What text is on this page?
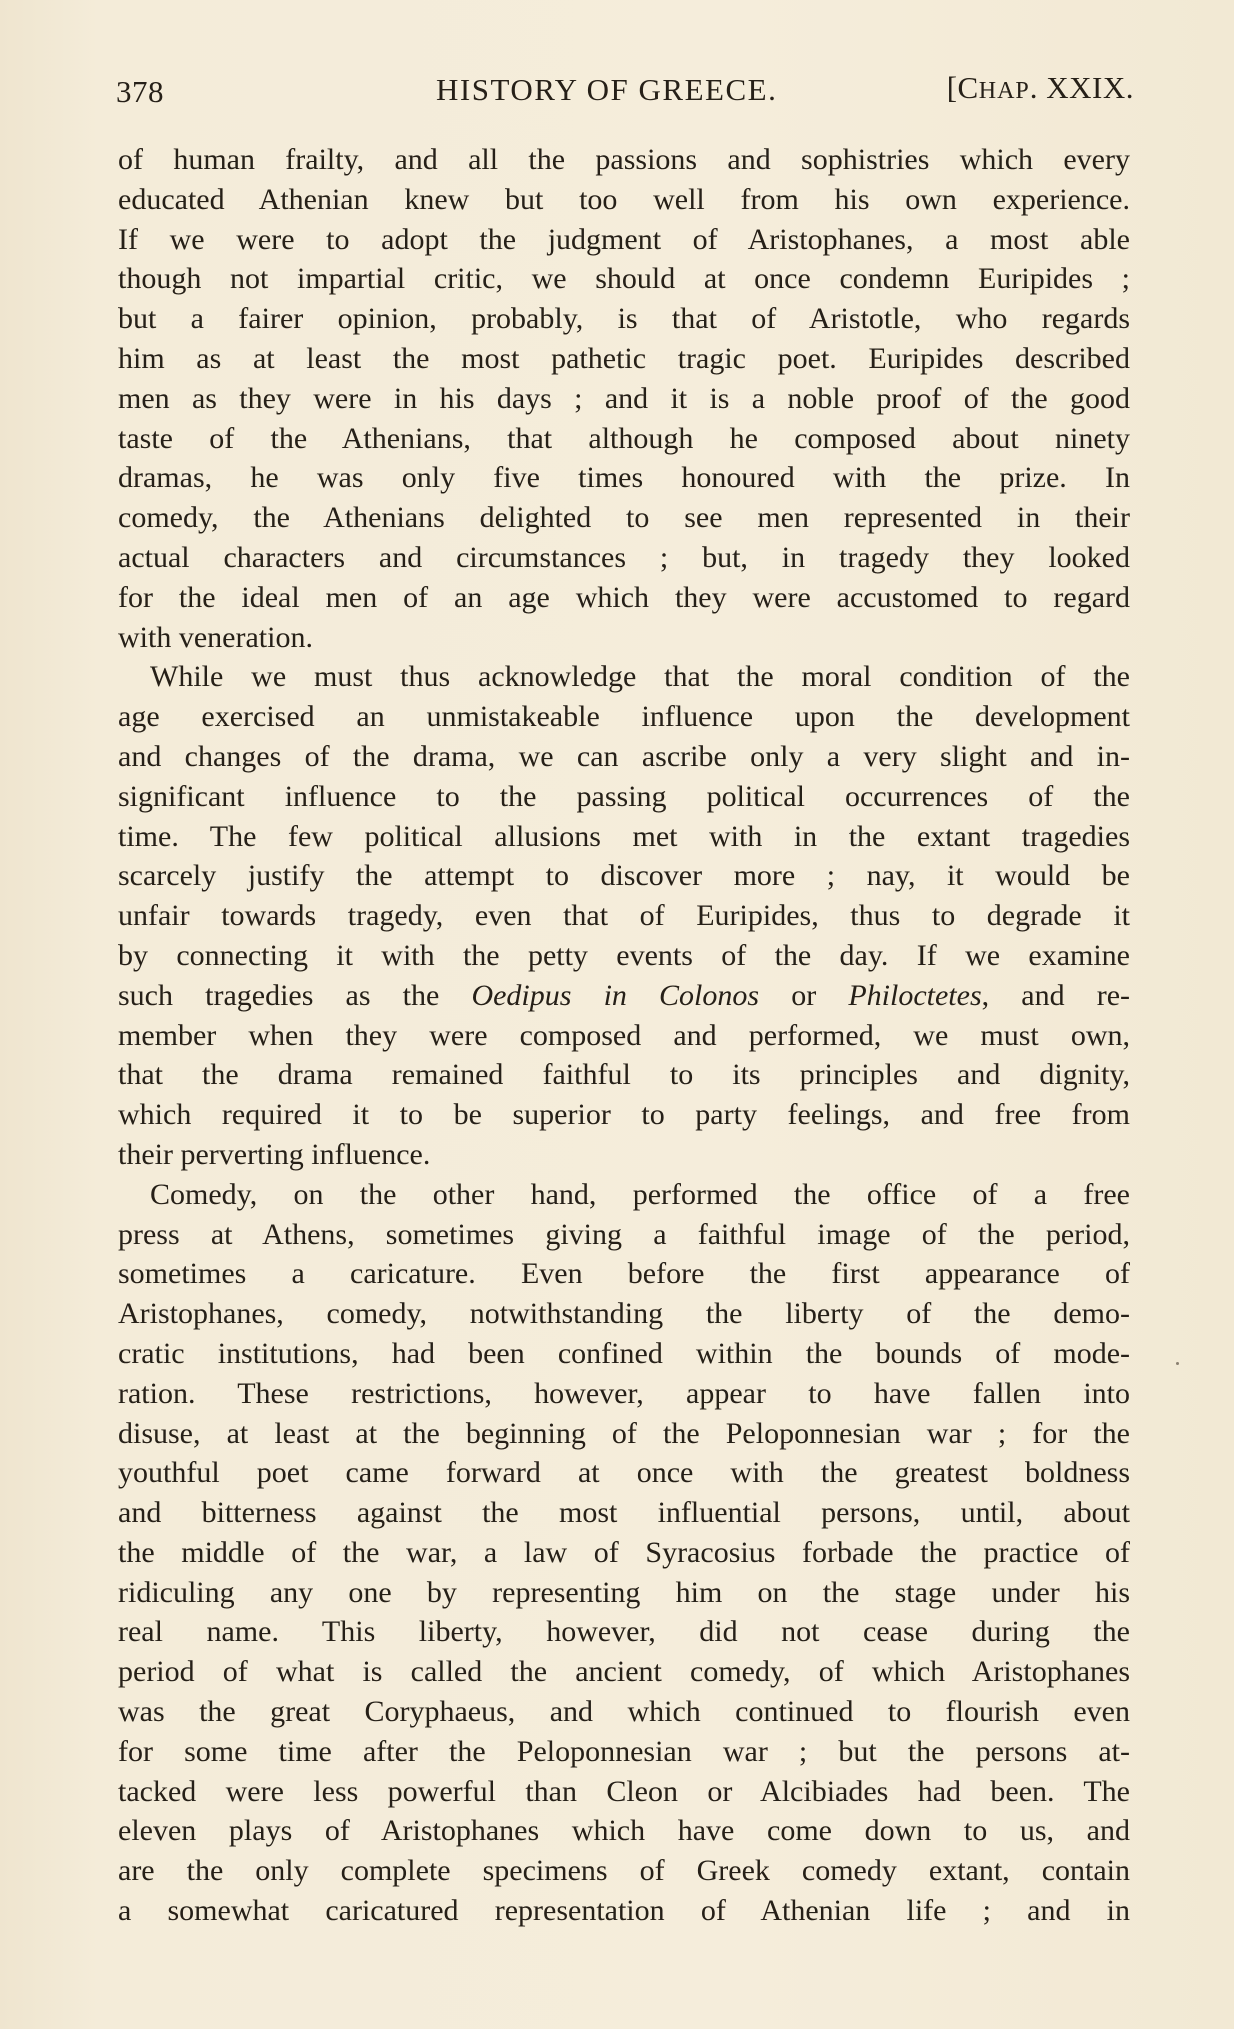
378	HISTORY OF GREECE.	[CHAP. XXIX.
of human frailty, and all the passions and sophistries which every
educated Athenian knew but too well from his own experience.
If we were to adopt the judgment of Aristophanes, a most able
though not impartial critic, we should at once condemn Euripides ;
but a fairer opinion, probably, is that of Aristotle, who regards
him as at least the most pathetic tragic poet. Euripides described
men as they were in his days ; and it is a noble proof of the good
taste of the Athenians, that although he composed about ninety
dramas, he was only five times honoured with the prize. In
comedy, the Athenians delighted to see men represented in their
actual characters and circumstances ; but, in tragedy they looked
for the ideal men of an age which they were accustomed to regard
with veneration.
While we must thus acknowledge that the moral condition of the
age exercised an unmistakeable influence upon the development
and changes of the drama, we can ascribe only a very slight and in-
significant influence to the passing political occurrences of the
time. The few political allusions met with in the extant tragedies
scarcely justify the attempt to discover more ; nay, it would be
unfair towards tragedy, even that of Euripides, thus to degrade it
by connecting it with the petty events of the day. If we examine
such tragedies as the Oedipus in Colonos or Philoctetes, and re-
member when they were composed and performed, we must own,
that the drama remained faithful to its principles and dignity,
which required it to be superior to party feelings, and free from
their perverting influence.
Comedy, on the other hand, performed the office of a free
press at Athens, sometimes giving a faithful image of the period,
sometimes a caricature. Even before the first appearance of
Aristophanes, comedy, notwithstanding the liberty of the demo-
cratic institutions, had been confined within the bounds of mode-
ration. These restrictions, however, appear to have fallen into
disuse, at least at the beginning of the Peloponnesian war ; for the
youthful poet came forward at once with the greatest boldness
and bitterness against the most influential persons, until, about
the middle of the war, a law of Syracosius forbade the practice of
ridiculing any one by representing him on the stage under his
real name. This liberty, however, did not cease during the
period of what is called the ancient comedy, of which Aristophanes
was the great Coryphaeus, and which continued to flourish even
for some time after the Peloponnesian war ; but the persons at-
tacked were less powerful than Cleon or Alcibiades had been. The
eleven plays of Aristophanes which have come down to us, and
are the only complete specimens of Greek comedy extant, contain
a somewhat caricatured representation of Athenian life ; and in
